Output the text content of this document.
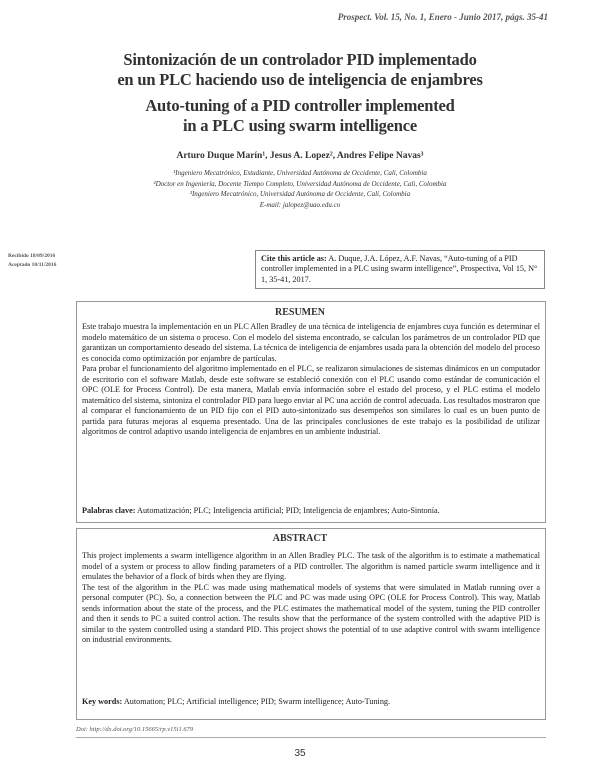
Prospect. Vol. 15, No. 1, Enero - Junio 2017, págs. 35-41
Sintonización de un controlador PID implementado
en un PLC haciendo uso de inteligencia de enjambres
Auto-tuning of a PID controller implemented
in a PLC using swarm intelligence
Arturo Duque Marín¹, Jesus A. Lopez², Andres Felipe Navas³
¹Ingeniero Mecatrónico, Estudiante, Universidad Autónoma de Occidente, Cali, Colombia
²Doctor en Ingeniería, Docente Tiempo Completo, Universidad Autónoma de Occidente, Cali, Colombia
³Ingeniero Mecatrónico, Universidad Autónoma de Occidente, Cali, Colombia
E-mail: jalopez@uao.edu.co
Recibido 18/09/2016
Aceptado 10/11/2016
Cite this article as: A. Duque, J.A. López, A.F. Navas, “Auto-tuning of a PID controller implemented in a PLC using swarm intelligence”, Prospectiva, Vol 15, N° 1, 35-41, 2017.
RESUMEN

Este trabajo muestra la implementación en un PLC Allen Bradley de una técnica de inteligencia de enjambres cuya función es determinar el modelo matemático de un sistema o proceso. Con el modelo del sistema encontrado, se calculan los parámetros de un controlador PID que garantizan un comportamiento deseado del sistema. La técnica de inteligencia de enjambres usada para la obtención del modelo del proceso es conocida como optimización por enjambre de partículas.

Para probar el funcionamiento del algoritmo implementado en el PLC, se realizaron simulaciones de sistemas dinámicos en un computador de escritorio con el software Matlab, desde este software se estableció conexión con el PLC usando como estándar de comunicación el OPC (OLE for Process Control). De esta manera, Matlab envía información sobre el estado del proceso, y el PLC estima el modelo matemático del sistema, sintoniza el controlador PID para luego enviar al PC una acción de control adecuada. Los resultados mostraron que al comparar el funcionamiento de un PID fijo con el PID auto-sintonizado sus desempeños son similares lo cual es un buen punto de partida para futuras mejoras al esquema presentado. Una de las principales conclusiones de este trabajo es la posibilidad de utilizar algoritmos de control adaptivo usando inteligencia de enjambres en un ambiente industrial.

Palabras clave: Automatización; PLC; Inteligencia artificial; PID; Inteligencia de enjambres; Auto-Sintonía.
ABSTRACT

This project implements a swarm intelligence algorithm in an Allen Bradley PLC. The task of the algorithm is to estimate a mathematical model of a system or process to allow finding parameters of a PID controller. The algorithm is named particle swarm intelligence and it emulates the behavior of a flock of birds when they are flying.

The test of the algorithm in the PLC was made using mathematical models of systems that were simulated in Matlab running over a personal computer (PC). So, a connection between the PLC and PC was made using OPC (OLE for Process Control). This way, Matlab sends information about the state of the process, and the PLC estimates the mathematical model of the system, tuning the PID controller and then it sends to PC a suited control action. The results show that the performance of the system controlled with the adaptive PID is similar to the system controlled using a standard PID. This project shows the potential of to use adaptive control with swarm intelligence on industrial environments.

Key words: Automation; PLC; Artificial intelligence; PID; Swarm intelligence; Auto-Tuning.
Doi: http://dx.doi.org/10.15665/rp.v15i1.679
35
